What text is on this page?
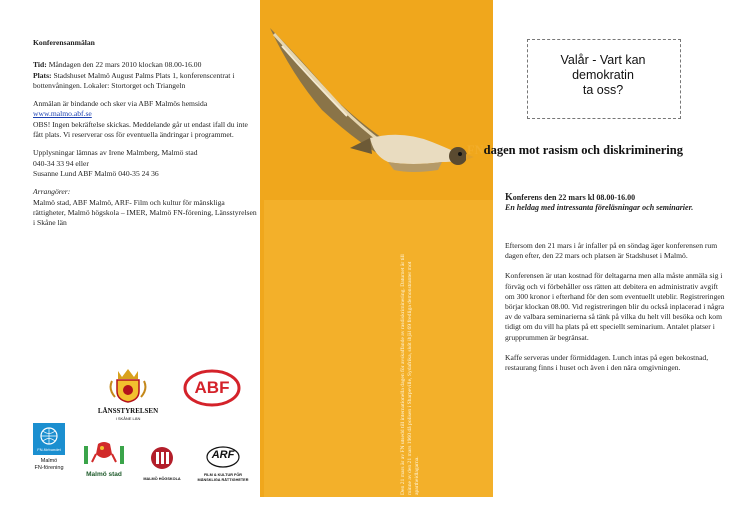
Konferensanmälan

Tid: Måndagen den 22 mars 2010 klockan 08.00-16.00
Plats: Stadshuset Malmö August Palms Plats 1, konferenscentrat i bottenvåningen. Lokaler: Stortorget och Triangeln

Anmälan är bindande och sker via ABF Malmös hemsida www.malmo.abf.se
OBS! Ingen bekräftelse skickas. Meddelande går ut endast ifall du inte fått plats. Vi reserverar oss för eventuella ändringar i programmet.

Upplysningar lämnas av Irene Malmberg, Malmö stad
040-34 33 94 eller
Susanne Lund ABF Malmö 040-35 24 36

Arrangörer:
Malmö stad, ABF Malmö, ARF- Film och kultur för mänskliga rättigheter, Malmö högskola – IMER, Malmö FN-förening, Länsstyrelsen i Skåne län

LÄNSSTYRELSEN
I SKÅNE LÄN
ABF
FN-förbundet
Malmö
FN-förening
Malmö stad
MALMÖ HÖGSKOLA
ARF
FILM & KULTUR FÖR
MÄNSKLIGA RÄTTIGHETER	Den 21 mars är av FN utsedd till internationella dagen för avskaffande av rasdiskriminering. Datumet är till minne av den 21 mars 1960 då polisen i Sharpeville, Sydafrika, sköt ihjäl 69 fredliga demonstranter mot apartheidlagarna.
Valår - Vart kan
demokratin
ta oss?
FNdagen mot rasism och diskriminering
Konferens den 22 mars kl 08.00-16.00
En heldag med intressanta föreläsningar och seminarier.

Eftersom den 21 mars i år infaller på en söndag äger konferensen rum dagen efter, den 22 mars och platsen är Stadshuset i Malmö.

Konferensen är utan kostnad för deltagarna men alla måste anmäla sig i förväg och vi förbehåller oss rätten att debitera en administrativ avgift om 300 kronor i efterhand för den som eventuellt uteblir. Registreringen börjar klockan 08.00. Vid registreringen blir du också inplacerad i några av de valbara seminarierna så tänk på vilka du helt vill besöka och kom tidigt om du vill ha plats på ett speciellt seminarium. Antalet platser i grupprummen är begränsat.

Kaffe serveras under förmiddagen. Lunch intas på egen bekostnad, restaurang finns i huset och även i den nära omgivningen.
